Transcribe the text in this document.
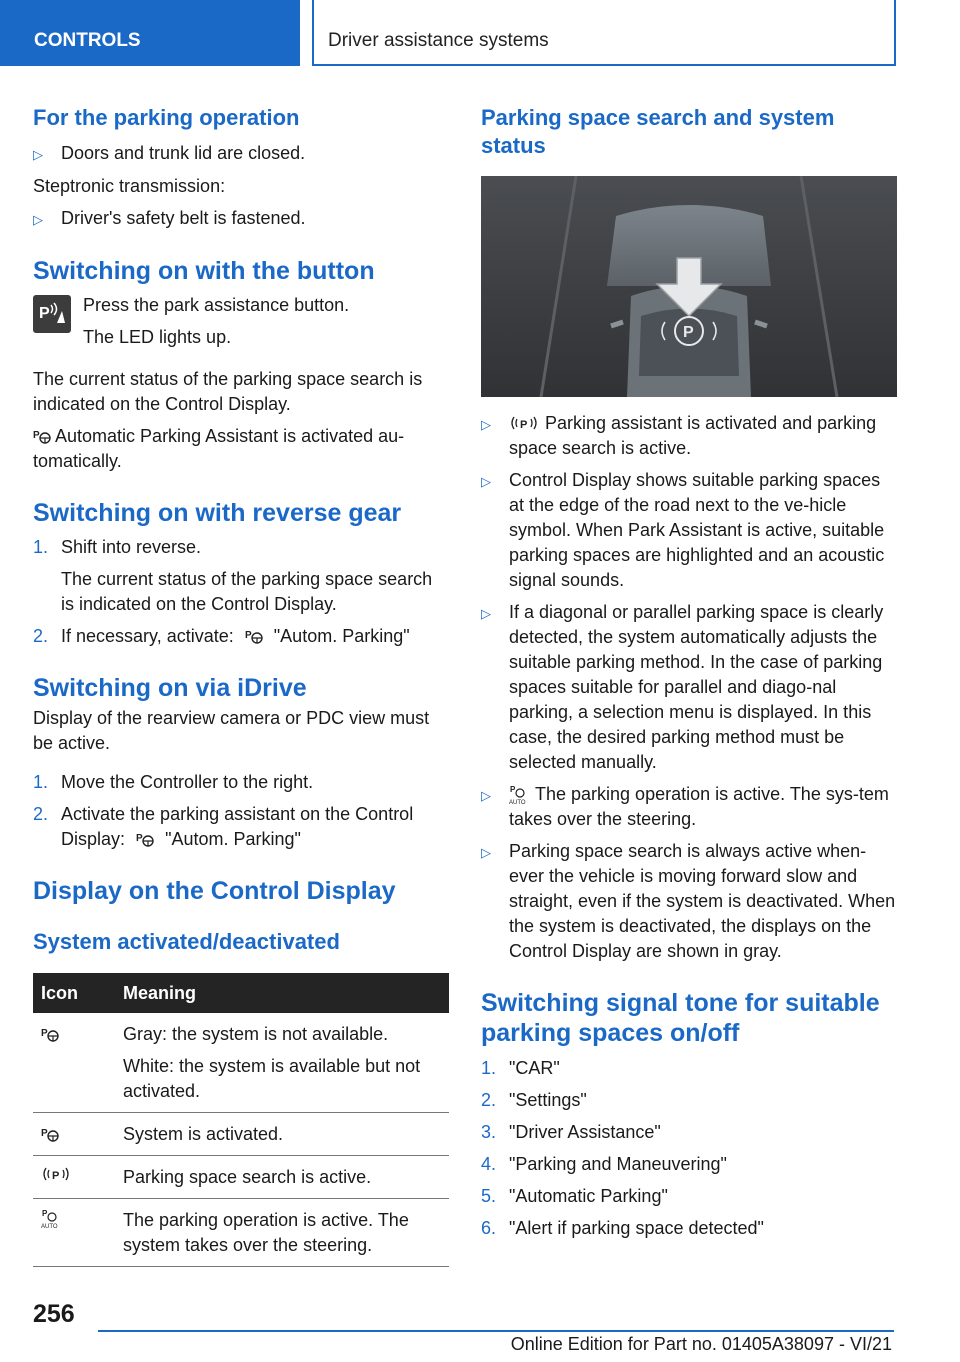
CONTROLS	Driver assistance systems
For the parking operation
▷	Doors and trunk lid are closed.

Steptronic transmission:

▷	Driver's safety belt is fastened.
Switching on with the button
P Press the park assistance button.

The LED lights up.

The current status of the parking space search is indicated on the Control Display.

P Automatic Parking Assistant is activated au-tomatically.

Switching on with reverse gear
1. Shift into reverse.

The current status of the parking space search is indicated on the Control Display.

2. If necessary, activate: P "Autom. Parking"
Switching on via iDrive

Display of the rearview camera or PDC view must be active.

1. Move the Controller to the right.
2. Activate the parking assistant on the Control Display: P "Autom. Parking"
Display on the Control Display
System activated/deactivated
Icon	Meaning

P	Gray: the system is not available.

White: the system is available but not activated.

P	System is activated.

P	Parking space search is active.

P
AUTO	The parking operation is active. The system takes over the steering.
Parking space search and system status
P
▷	P Parking assistant is activated and parking space search is active.
▷	Control Display shows suitable parking spaces at the edge of the road next to the ve-hicle symbol. When Park Assistant is active, suitable parking spaces are highlighted and an acoustic signal sounds.
▷	If a diagonal or parallel parking space is clearly detected, the system automatically adjusts the suitable parking method. In the case of parking spaces suitable for parallel and diago-nal parking, a selection menu is displayed. In this case, the desired parking method must be selected manually.
▷	P
AUTO The parking operation is active. The sys-tem takes over the steering.
▷	Parking space search is always active when-ever the vehicle is moving forward slow and straight, even if the system is deactivated. When the system is deactivated, the displays on the Control Display are shown in gray.
Switching signal tone for suitable parking spaces on/off
1. "CAR"
2. "Settings"
3. "Driver Assistance"
4. "Parking and Maneuvering"
5. "Automatic Parking"
6. "Alert if parking space detected"
256
Online Edition for Part no. 01405A38097 - VI/21
